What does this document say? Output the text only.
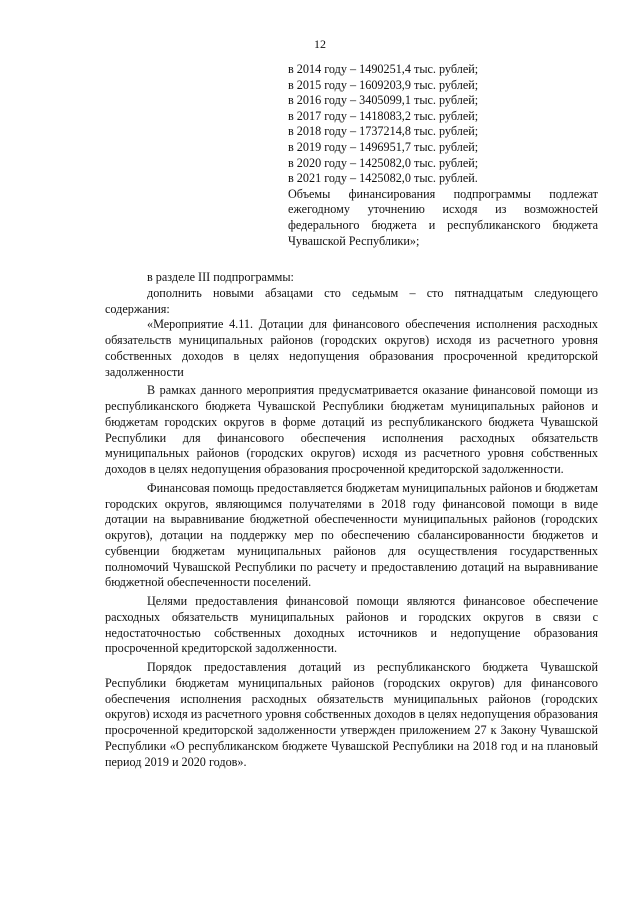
12
в 2014 году – 1490251,4 тыс. рублей;
в 2015 году – 1609203,9 тыс. рублей;
в 2016 году – 3405099,1 тыс. рублей;
в 2017 году – 1418083,2 тыс. рублей;
в 2018 году – 1737214,8 тыс. рублей;
в 2019 году – 1496951,7 тыс. рублей;
в 2020 году – 1425082,0 тыс. рублей;
в 2021 году – 1425082,0 тыс. рублей.
Объемы финансирования подпрограммы подлежат ежегодному уточнению исходя из возможностей федерального бюджета и республиканского бюджета Чувашской Республики»;

в разделе III подпрограммы:

дополнить новыми абзацами сто седьмым – сто пятнадцатым следующего содержания:

«Мероприятие 4.11. Дотации для финансового обеспечения исполнения расходных обязательств муниципальных районов (городских округов) исходя из расчетного уровня собственных доходов в целях недопущения образования просроченной кредиторской задолженности

В рамках данного мероприятия предусматривается оказание финансовой помощи из республиканского бюджета Чувашской Республики бюджетам муниципальных районов и бюджетам городских округов в форме дотаций из республиканского бюджета Чувашской Республики для финансового обеспечения исполнения расходных обязательств муниципальных районов (городских округов) исходя из расчетного уровня собственных доходов в целях недопущения образования просроченной кредиторской задолженности.

Финансовая помощь предоставляется бюджетам муниципальных районов и бюджетам городских округов, являющимся получателями в 2018 году финансовой помощи в виде дотации на выравнивание бюджетной обеспеченности муниципальных районов (городских округов), дотации на поддержку мер по обеспечению сбалансированности бюджетов и субвенции бюджетам муниципальных районов для осуществления государственных полномочий Чувашской Республики по расчету и предоставлению дотаций на выравнивание бюджетной обеспеченности поселений.

Целями предоставления финансовой помощи являются финансовое обеспечение расходных обязательств муниципальных районов и городских округов в связи с недостаточностью собственных доходных источников и недопущение образования просроченной кредиторской задолженности.

Порядок предоставления дотаций из республиканского бюджета Чувашской Республики бюджетам муниципальных районов (городских округов) для финансового обеспечения исполнения расходных обязательств муниципальных районов (городских округов) исходя из расчетного уровня собственных доходов в целях недопущения образования просроченной кредиторской задолженности утвержден приложением 27 к Закону Чувашской Республики «О республиканском бюджете Чувашской Республики на 2018 год и на плановый период 2019 и 2020 годов».
